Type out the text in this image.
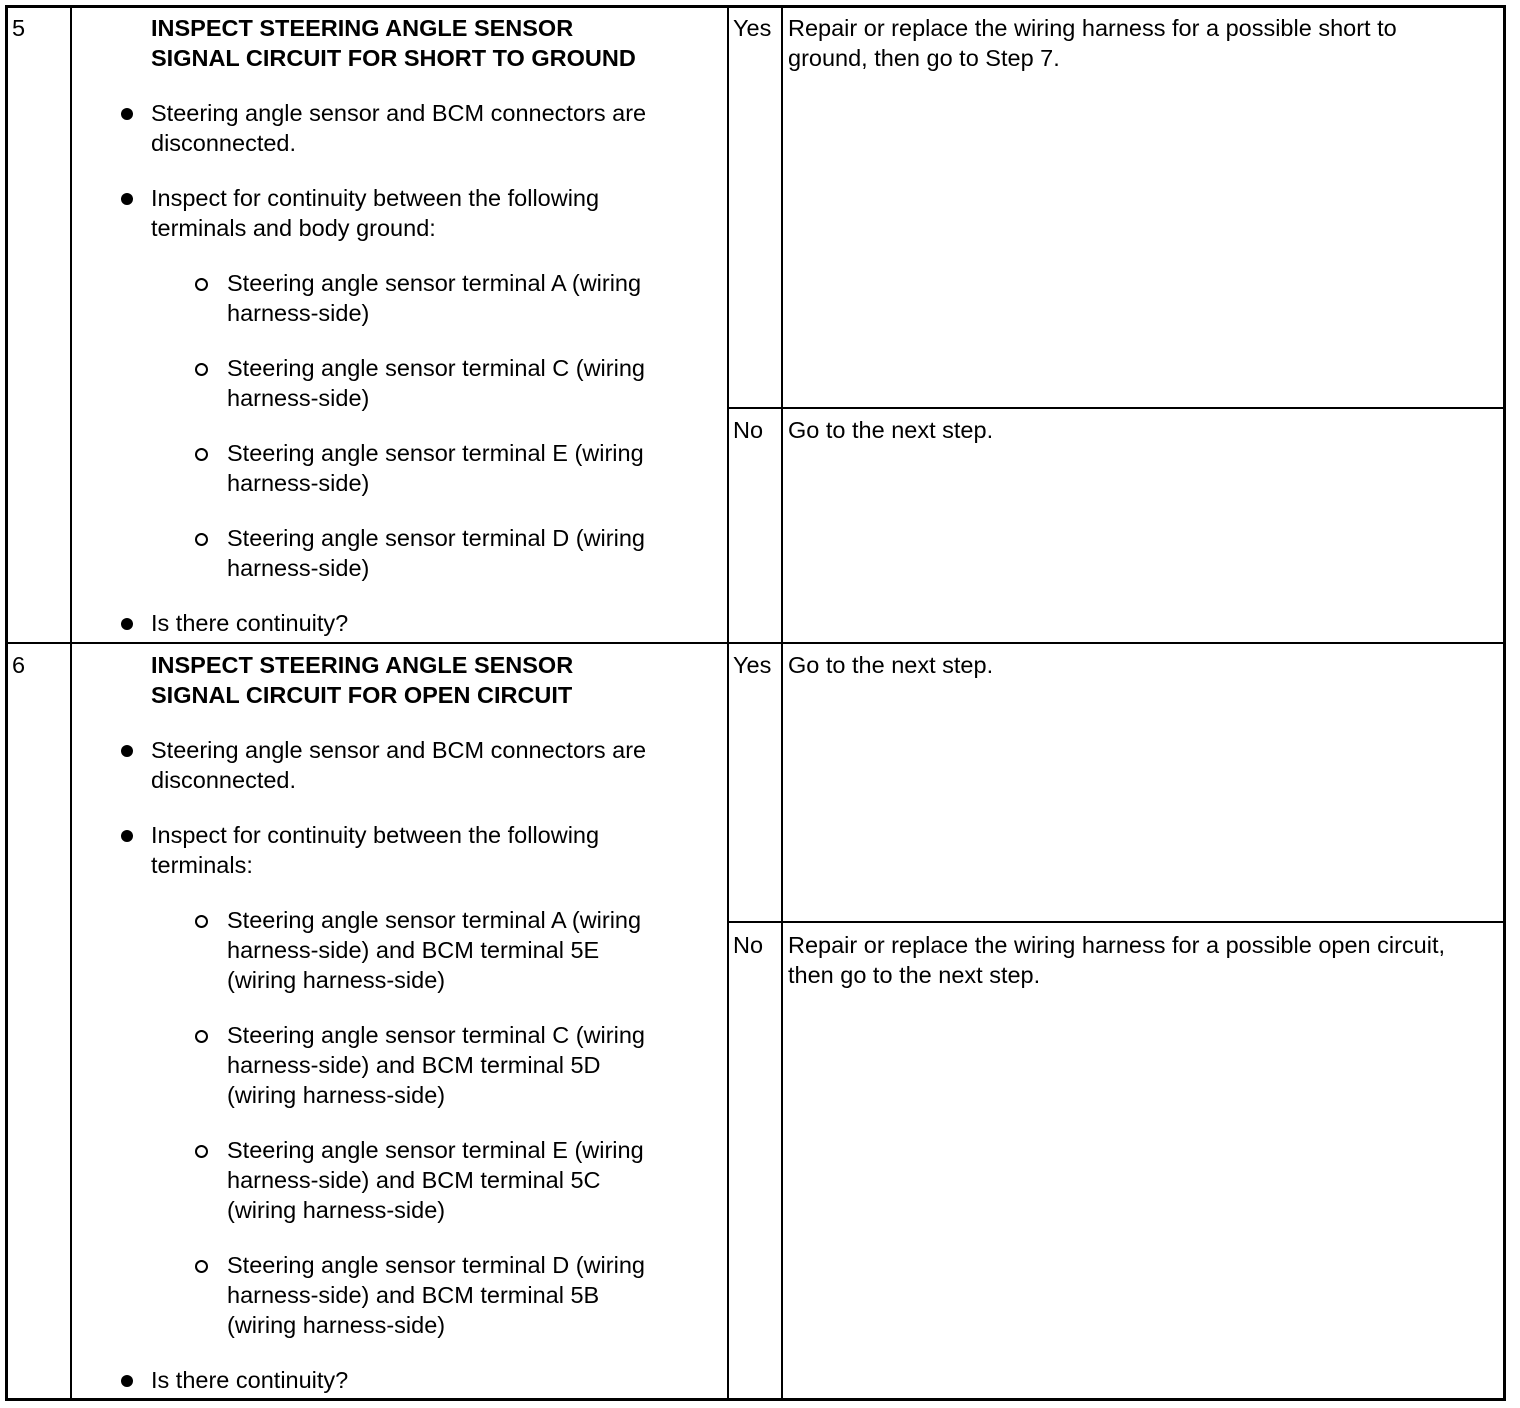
5	INSPECT STEERING ANGLE SENSOR
SIGNAL CIRCUIT FOR SHORT TO GROUND
Steering angle sensor and BCM connectors are
disconnected.
Inspect for continuity between the following
terminals and body ground:
Steering angle sensor terminal A (wiring
harness-side)
Steering angle sensor terminal C (wiring
harness-side)
Steering angle sensor terminal E (wiring
harness-side)
Steering angle sensor terminal D (wiring
harness-side)
Is there continuity?
Yes Repair or replace the wiring harness for a possible short to
ground, then go to Step 7.
No Go to the next step.
6	INSPECT STEERING ANGLE SENSOR
SIGNAL CIRCUIT FOR OPEN CIRCUIT
Steering angle sensor and BCM connectors are
disconnected.
Inspect for continuity between the following
terminals:
Steering angle sensor terminal A (wiring
harness-side) and BCM terminal 5E
(wiring harness-side)
Steering angle sensor terminal C (wiring
harness-side) and BCM terminal 5D
(wiring harness-side)
Steering angle sensor terminal E (wiring
harness-side) and BCM terminal 5C
(wiring harness-side)
Steering angle sensor terminal D (wiring
harness-side) and BCM terminal 5B
(wiring harness-side)
Is there continuity?
Yes Go to the next step.
No Repair or replace the wiring harness for a possible open circuit,
then go to the next step.
